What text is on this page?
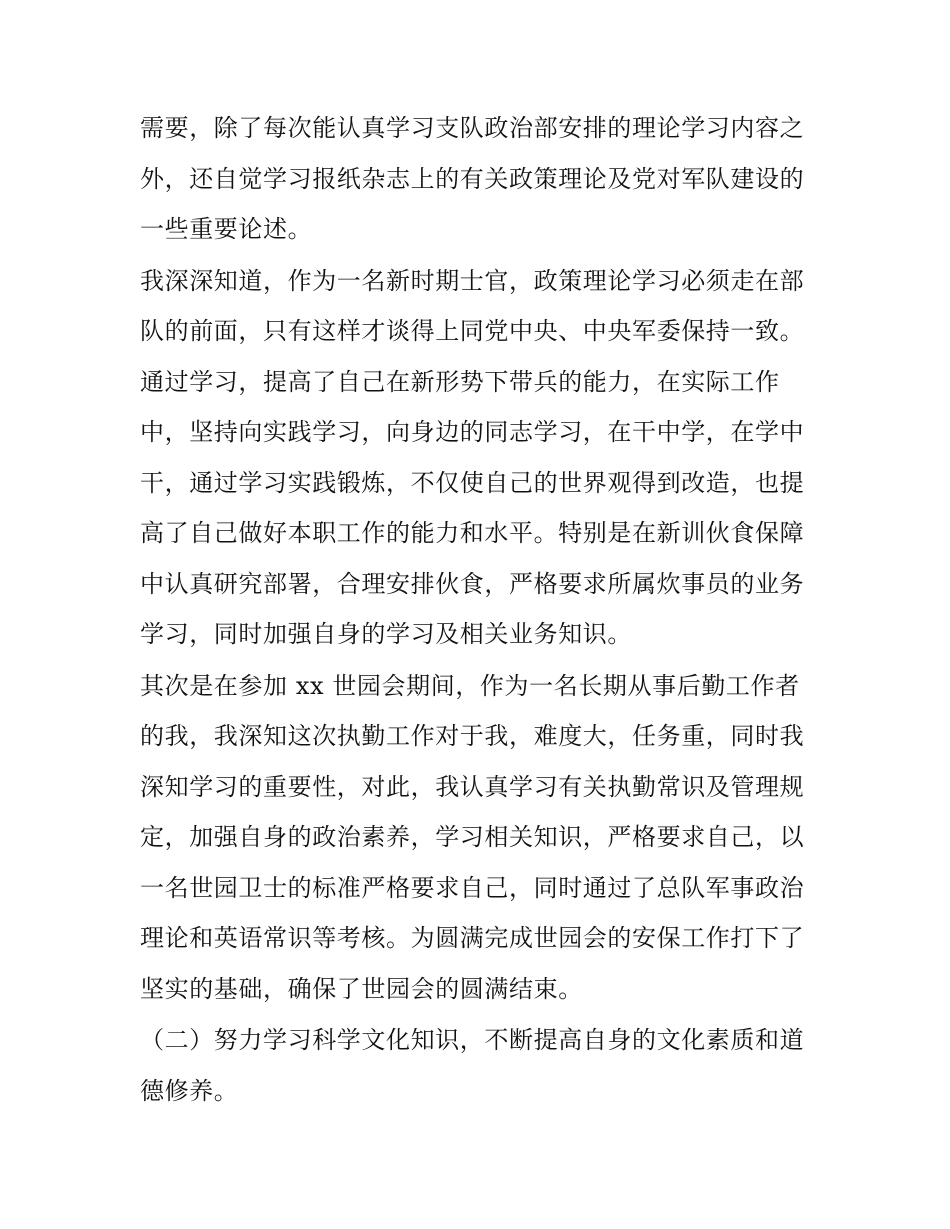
需要，除了每次能认真学习支队政治部安排的理论学习内容之

外，还自觉学习报纸杂志上的有关政策理论及党对军队建设的

一些重要论述。

我深深知道，作为一名新时期士官，政策理论学习必须走在部

队的前面，只有这样才谈得上同党中央、中央军委保持一致。

通过学习，提高了自己在新形势下带兵的能力，在实际工作

中，坚持向实践学习，向身边的同志学习，在干中学，在学中

干，通过学习实践锻炼，不仅使自己的世界观得到改造，也提

高了自己做好本职工作的能力和水平。特别是在新训伙食保障

中认真研究部署，合理安排伙食，严格要求所属炊事员的业务

学习，同时加强自身的学习及相关业务知识。

其次是在参加 xx 世园会期间，作为一名长期从事后勤工作者

的我，我深知这次执勤工作对于我，难度大，任务重，同时我

深知学习的重要性，对此，我认真学习有关执勤常识及管理规

定，加强自身的政治素养，学习相关知识，严格要求自己，以

一名世园卫士的标准严格要求自己，同时通过了总队军事政治

理论和英语常识等考核。为圆满完成世园会的安保工作打下了

坚实的基础，确保了世园会的圆满结束。

（二）努力学习科学文化知识，不断提高自身的文化素质和道

德修养。
